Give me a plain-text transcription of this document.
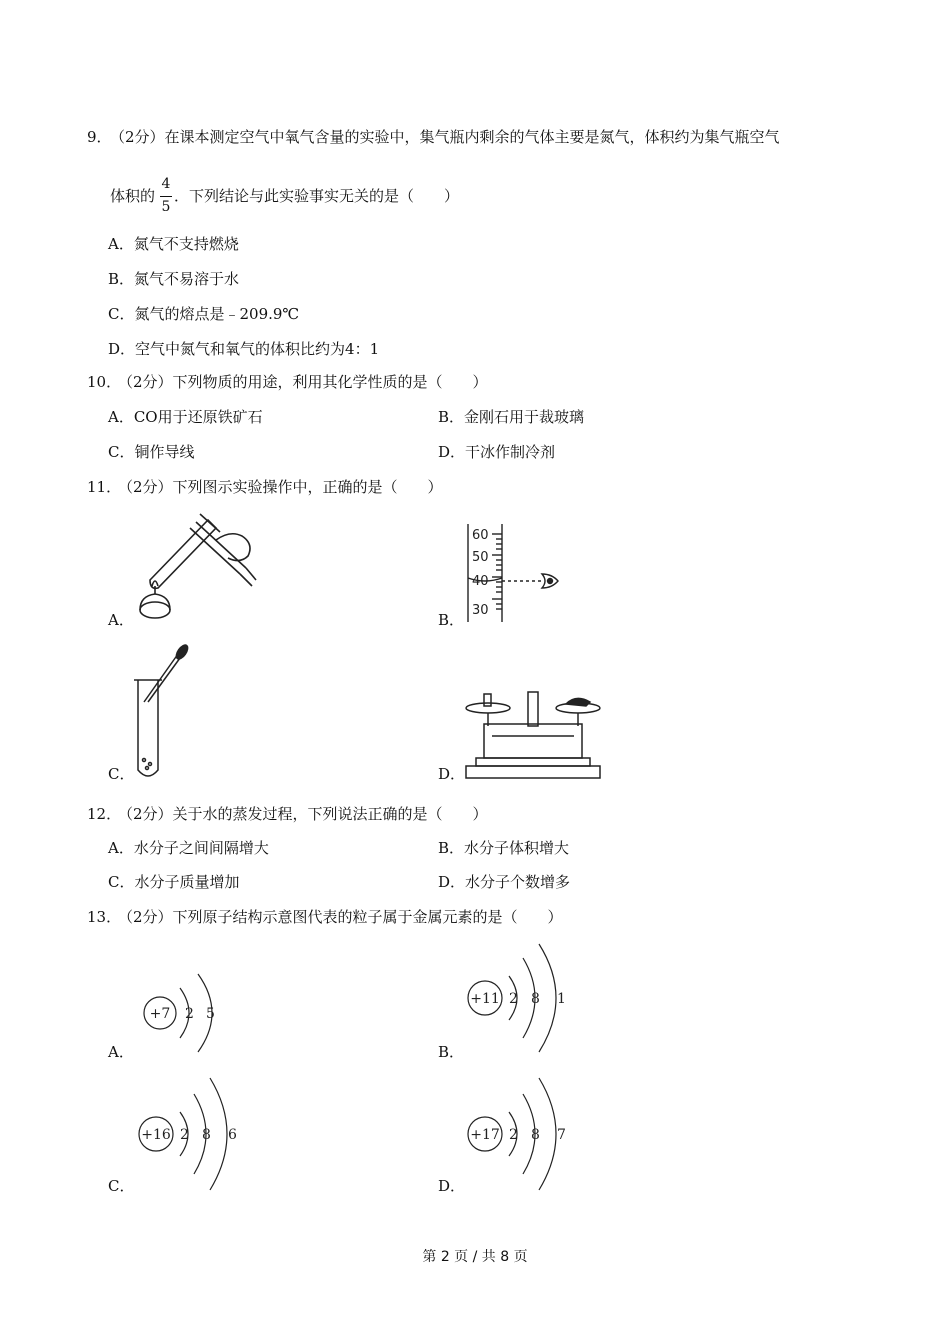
9．
（2分）在课本测定空气中氧气含量的实验中，集气瓶内剩余的气体主要是氮气，体积约为集气瓶空气
体积的
4
5
．下列结论与此实验事实无关的是（　　）
A．氮气不支持燃烧
B．氮气不易溶于水
C．氮气的熔点是﹣209.9℃
D．空气中氮气和氧气的体积比约为4：1
10．
（2分）下列物质的用途，利用其化学性质的是（　　）
A．CO用于还原铁矿石	B．金刚石用于裁玻璃
C．铜作导线	D．干冰作制冷剂
11．
（2分）下列图示实验操作中，正确的是（　　）
A．
60
50
40
30
B．
C．	D．
12．
（2分）关于水的蒸发过程，下列说法正确的是（　　）
A．水分子之间间隔增大	B．水分子体积增大
C．水分子质量增加	D．水分子个数增多
13．
（2分）下列原子结构示意图代表的粒子属于金属元素的是（　　）
+7 2 5
A．
+11 2 8 1
B．
+16 2 8 6
C．
+17 2 8 7
D．
第 2 页 / 共 8 页
